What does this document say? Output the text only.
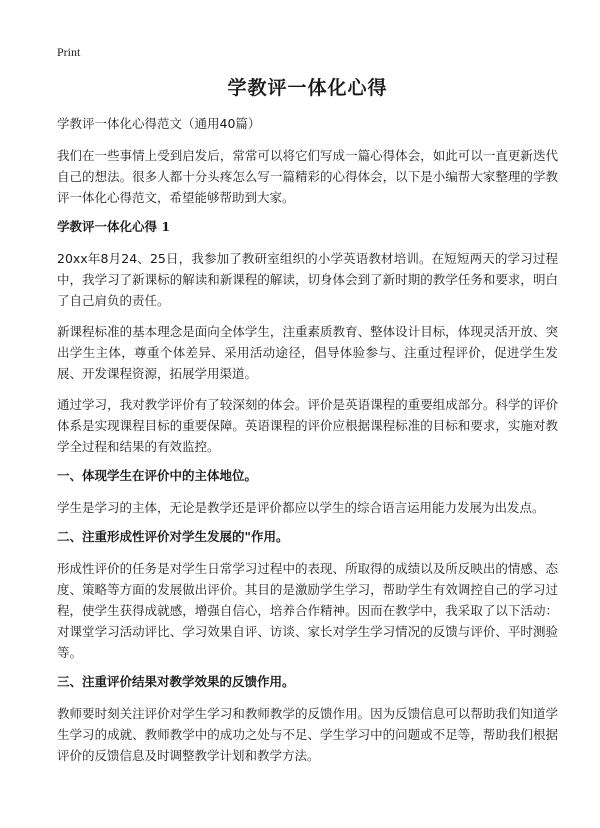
Print
学教评一体化心得
学教评一体化心得范文（通用40篇）

我们在一些事情上受到启发后，常常可以将它们写成一篇心得体会，如此可以一直更新迭代自己的想法。很多人都十分头疼怎么写一篇精彩的心得体会，以下是小编帮大家整理的学教评一体化心得范文，希望能够帮助到大家。

学教评一体化心得 1

20xx年8月24、25日，我参加了教研室组织的小学英语教材培训。在短短两天的学习过程中，我学习了新课标的解读和新课程的解读，切身体会到了新时期的教学任务和要求，明白了自己肩负的责任。

新课程标准的基本理念是面向全体学生，注重素质教育、整体设计目标，体现灵活开放、突出学生主体，尊重个体差异、采用活动途径，倡导体验参与、注重过程评价，促进学生发展、开发课程资源，拓展学用渠道。

通过学习，我对教学评价有了较深刻的体会。评价是英语课程的重要组成部分。科学的评价体系是实现课程目标的重要保障。英语课程的评价应根据课程标准的目标和要求，实施对教学全过程和结果的有效监控。

一、体现学生在评价中的主体地位。

学生是学习的主体，无论是教学还是评价都应以学生的综合语言运用能力发展为出发点。

二、注重形成性评价对学生发展的"作用。

形成性评价的任务是对学生日常学习过程中的表现、所取得的成绩以及所反映出的情感、态度、策略等方面的发展做出评价。其目的是激励学生学习，帮助学生有效调控自己的学习过程，使学生获得成就感，增强自信心，培养合作精神。因而在教学中，我采取了以下活动：对课堂学习活动评比、学习效果自评、访谈、家长对学生学习情况的反馈与评价、平时测验等。

三、注重评价结果对教学效果的反馈作用。

教师要时刻关注评价对学生学习和教师教学的反馈作用。因为反馈信息可以帮助我们知道学生学习的成就、教师教学中的成功之处与不足、学生学习中的问题或不足等，帮助我们根据评价的反馈信息及时调整教学计划和教学方法。
